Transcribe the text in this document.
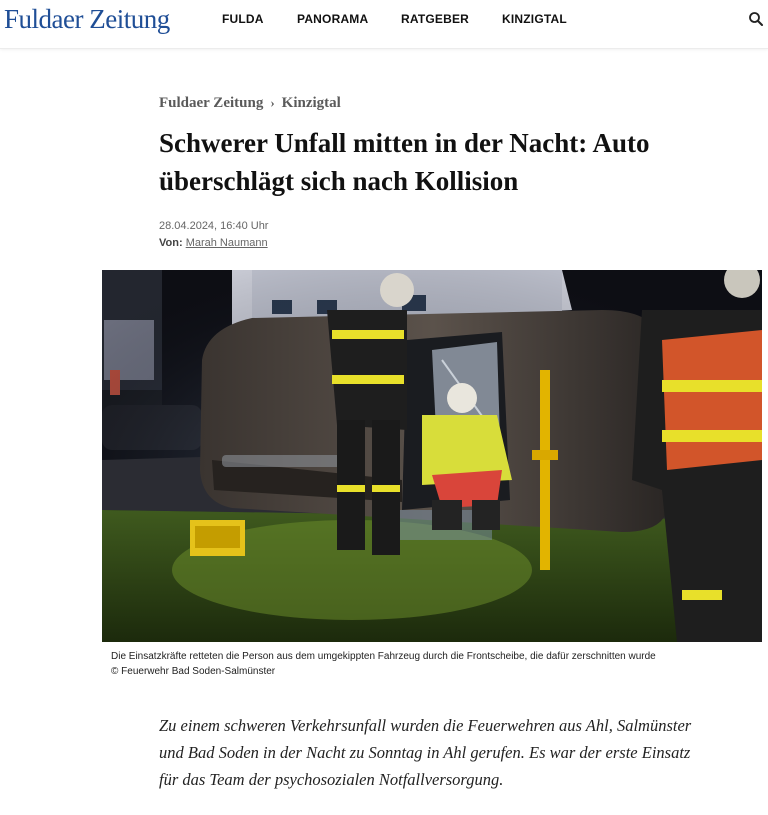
Fuldaer Zeitung	FULDA	PANORAMA	RATGEBER	KINZIGTAL
Fuldaer Zeitung › Kinzigtal
Schwerer Unfall mitten in der Nacht: Auto überschlägt sich nach Kollision
28.04.2024, 16:40 Uhr
Von: Marah Naumann
Die Einsatzkräfte retteten die Person aus dem umgekippten Fahrzeug durch die Frontscheibe, die dafür zerschnitten wurde
© Feuerwehr Bad Soden-Salmünster

Zu einem schweren Verkehrsunfall wurden die Feuerwehren aus Ahl, Salmünster und Bad Soden in der Nacht zu Sonntag in Ahl gerufen. Es war der erste Einsatz für das Team der psychosozialen Notfallversorgung.
